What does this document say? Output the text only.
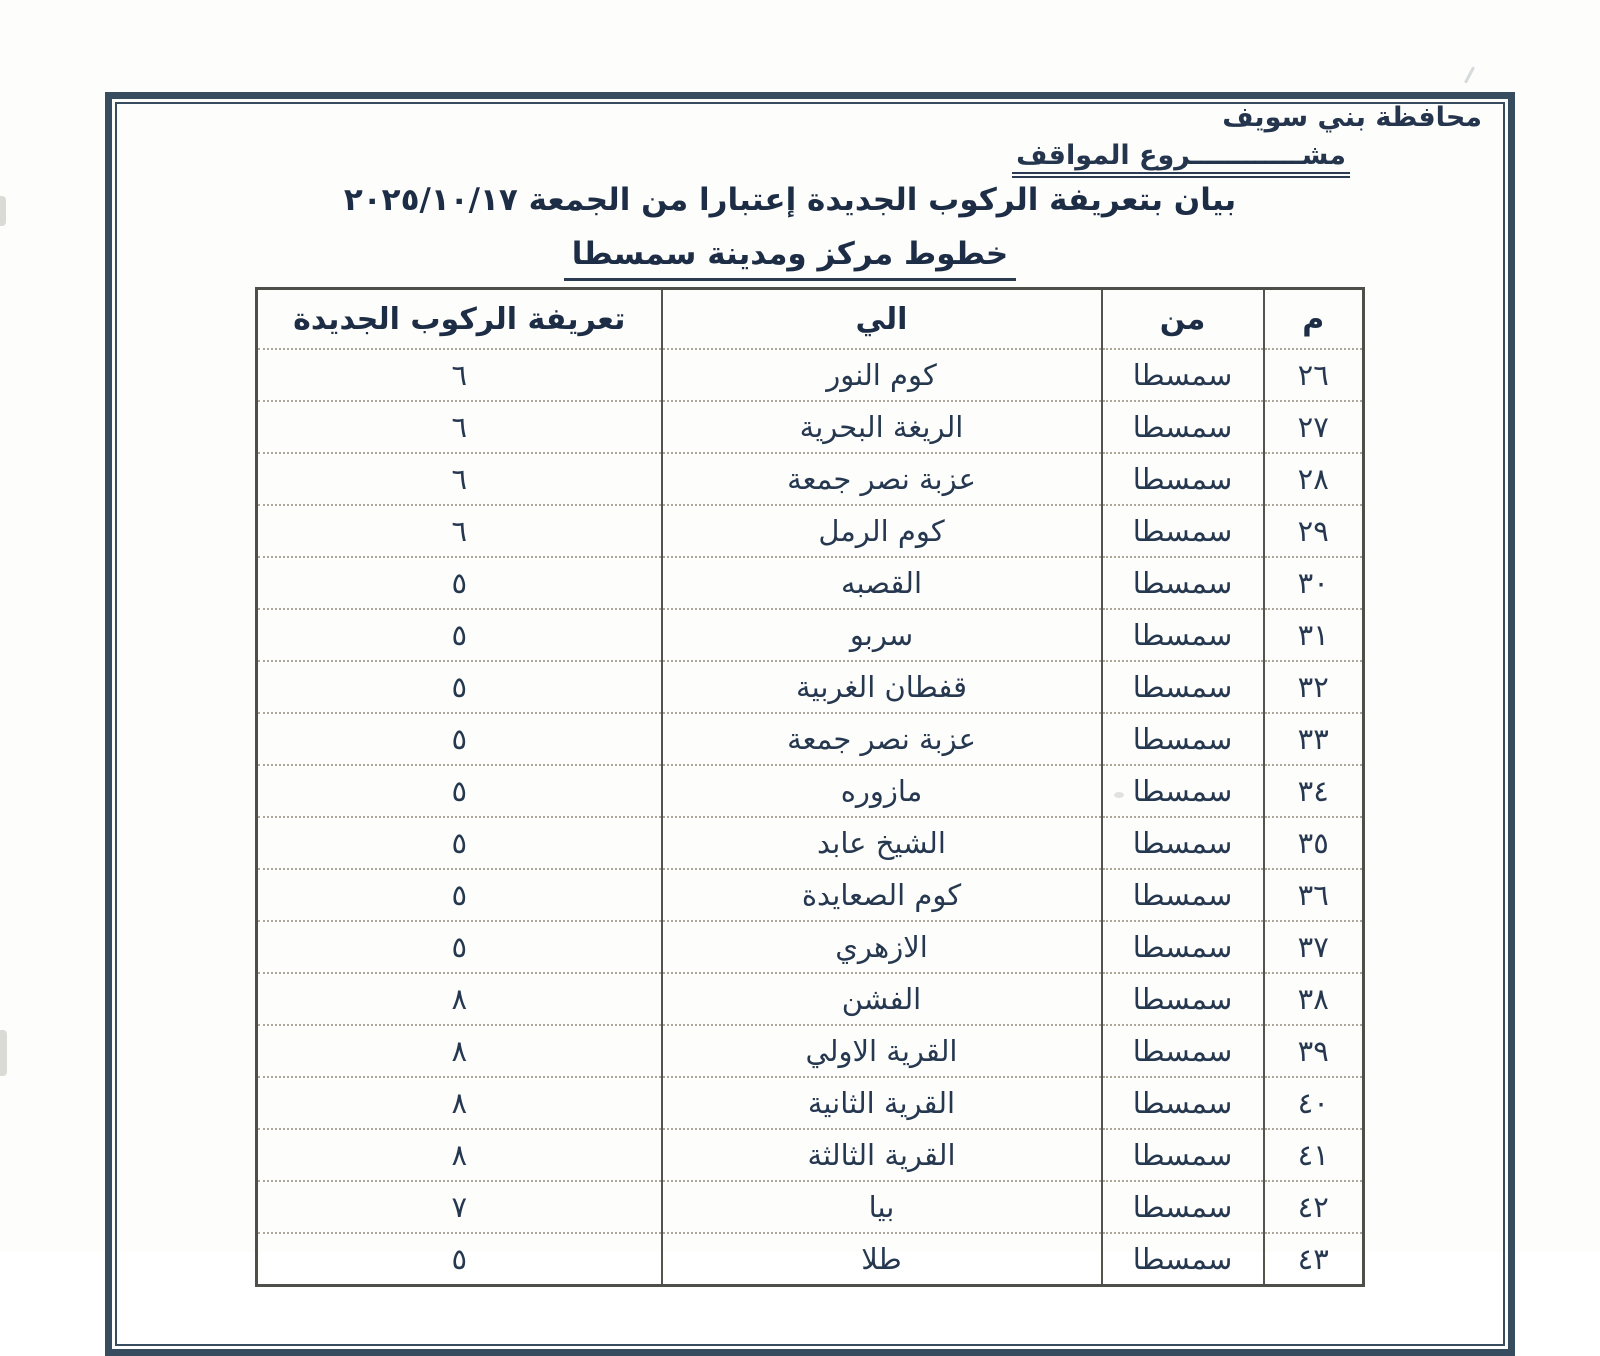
محافظة بني سويف
مشــــــــــــروع المواقف
بيان بتعريفة الركوب الجديدة إعتبارا من الجمعة ٢٠٢٥/١٠/١٧
خطوط مركز ومدينة سمسطا
م	من	الي	تعريفة الركوب الجديدة
٢٦	سمسطا	كوم النور	٦
٢٧	سمسطا	الريغة البحرية	٦
٢٨	سمسطا	عزبة نصر جمعة	٦
٢٩	سمسطا	كوم الرمل	٦
٣٠	سمسطا	القصبه	٥
٣١	سمسطا	سربو	٥
٣٢	سمسطا	قفطان الغربية	٥
٣٣	سمسطا	عزبة نصر جمعة	٥
٣٤	سمسطا	مازوره	٥
٣٥	سمسطا	الشيخ عابد	٥
٣٦	سمسطا	كوم الصعايدة	٥
٣٧	سمسطا	الازهري	٥
٣٨	سمسطا	الفشن	٨
٣٩	سمسطا	القرية الاولي	٨
٤٠	سمسطا	القرية الثانية	٨
٤١	سمسطا	القرية الثالثة	٨
٤٢	سمسطا	بيا	٧
٤٣	سمسطا	طلا	٥
